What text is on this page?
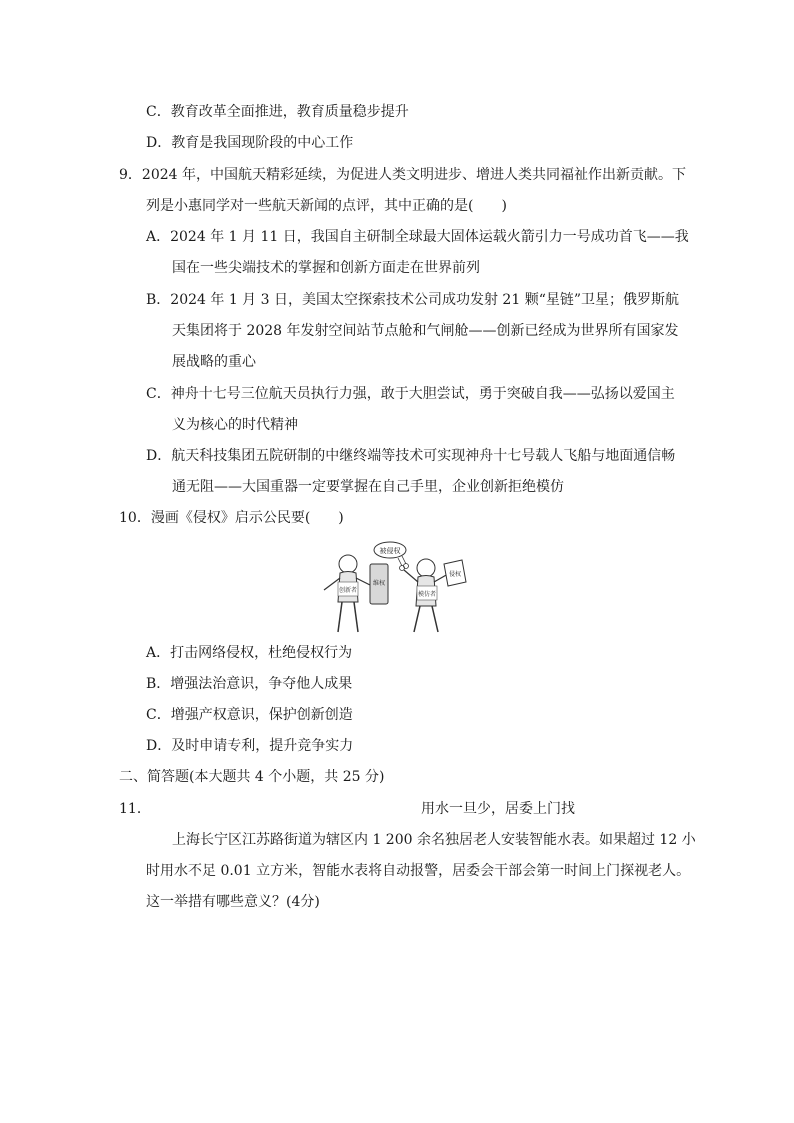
C．教育改革全面推进，教育质量稳步提升
D．教育是我国现阶段的中心工作
9．2024 年，中国航天精彩延续，为促进人类文明进步、增进人类共同福祉作出新贡献。下
列是小惠同学对一些航天新闻的点评，其中正确的是(　　)
A．2024 年 1 月 11 日，我国自主研制全球最大固体运载火箭引力一号成功首飞——我
国在一些尖端技术的掌握和创新方面走在世界前列
B．2024 年 1 月 3 日，美国太空探索技术公司成功发射 21 颗“星链”卫星；俄罗斯航
天集团将于 2028 年发射空间站节点舱和气闸舱——创新已经成为世界所有国家发
展战略的重心
C．神舟十七号三位航天员执行力强，敢于大胆尝试，勇于突破自我——弘扬以爱国主
义为核心的时代精神
D．航天科技集团五院研制的中继终端等技术可实现神舟十七号载人飞船与地面通信畅
通无阻——大国重器一定要掌握在自己手里，企业创新拒绝模仿
10．漫画《侵权》启示公民要(　　)
创新者
维权
被侵权
模仿者
侵权
A．打击网络侵权，杜绝侵权行为
B．增强法治意识，争夺他人成果
C．增强产权意识，保护创新创造
D．及时申请专利，提升竞争实力
二、简答题(本大题共 4 个小题，共 25 分)
11．	用水一旦少，居委上门找
上海长宁区江苏路街道为辖区内 1 200 余名独居老人安装智能水表。如果超过 12 小
时用水不足 0.01 立方米，智能水表将自动报警，居委会干部会第一时间上门探视老人。
这一举措有哪些意义？(4分)
